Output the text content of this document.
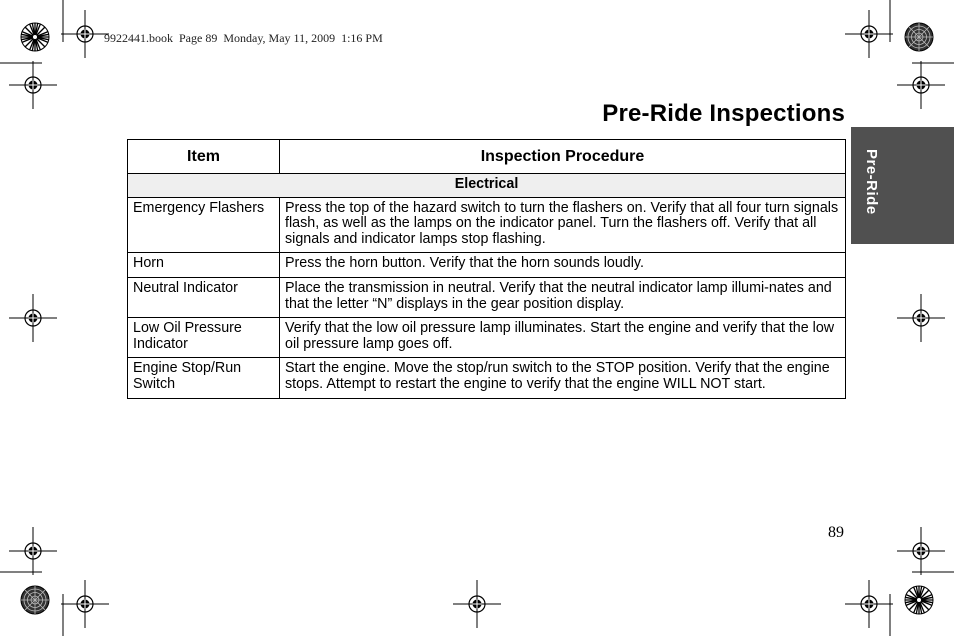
9922441.book  Page 89  Monday, May 11, 2009  1:16 PM
Pre-Ride Inspections
Pre-Ride
Item	Inspection Procedure
Electrical	
Emergency Flashers	Press the top of the hazard switch to turn the flashers on. Verify that all four turn signals flash, as well as the lamps on the indicator panel. Turn the flashers off. Verify that all signals and indicator lamps stop flashing.
Horn	Press the horn button. Verify that the horn sounds loudly.
Neutral Indicator	Place the transmission in neutral. Verify that the neutral indicator lamp illumi-nates and that the letter “N” displays in the gear position display.
Low Oil Pressure Indicator	Verify that the low oil pressure lamp illuminates. Start the engine and verify that the low oil pressure lamp goes off.
Engine Stop/Run Switch	Start the engine. Move the stop/run switch to the STOP position. Verify that the engine stops. Attempt to restart the engine to verify that the engine WILL NOT start.
89
